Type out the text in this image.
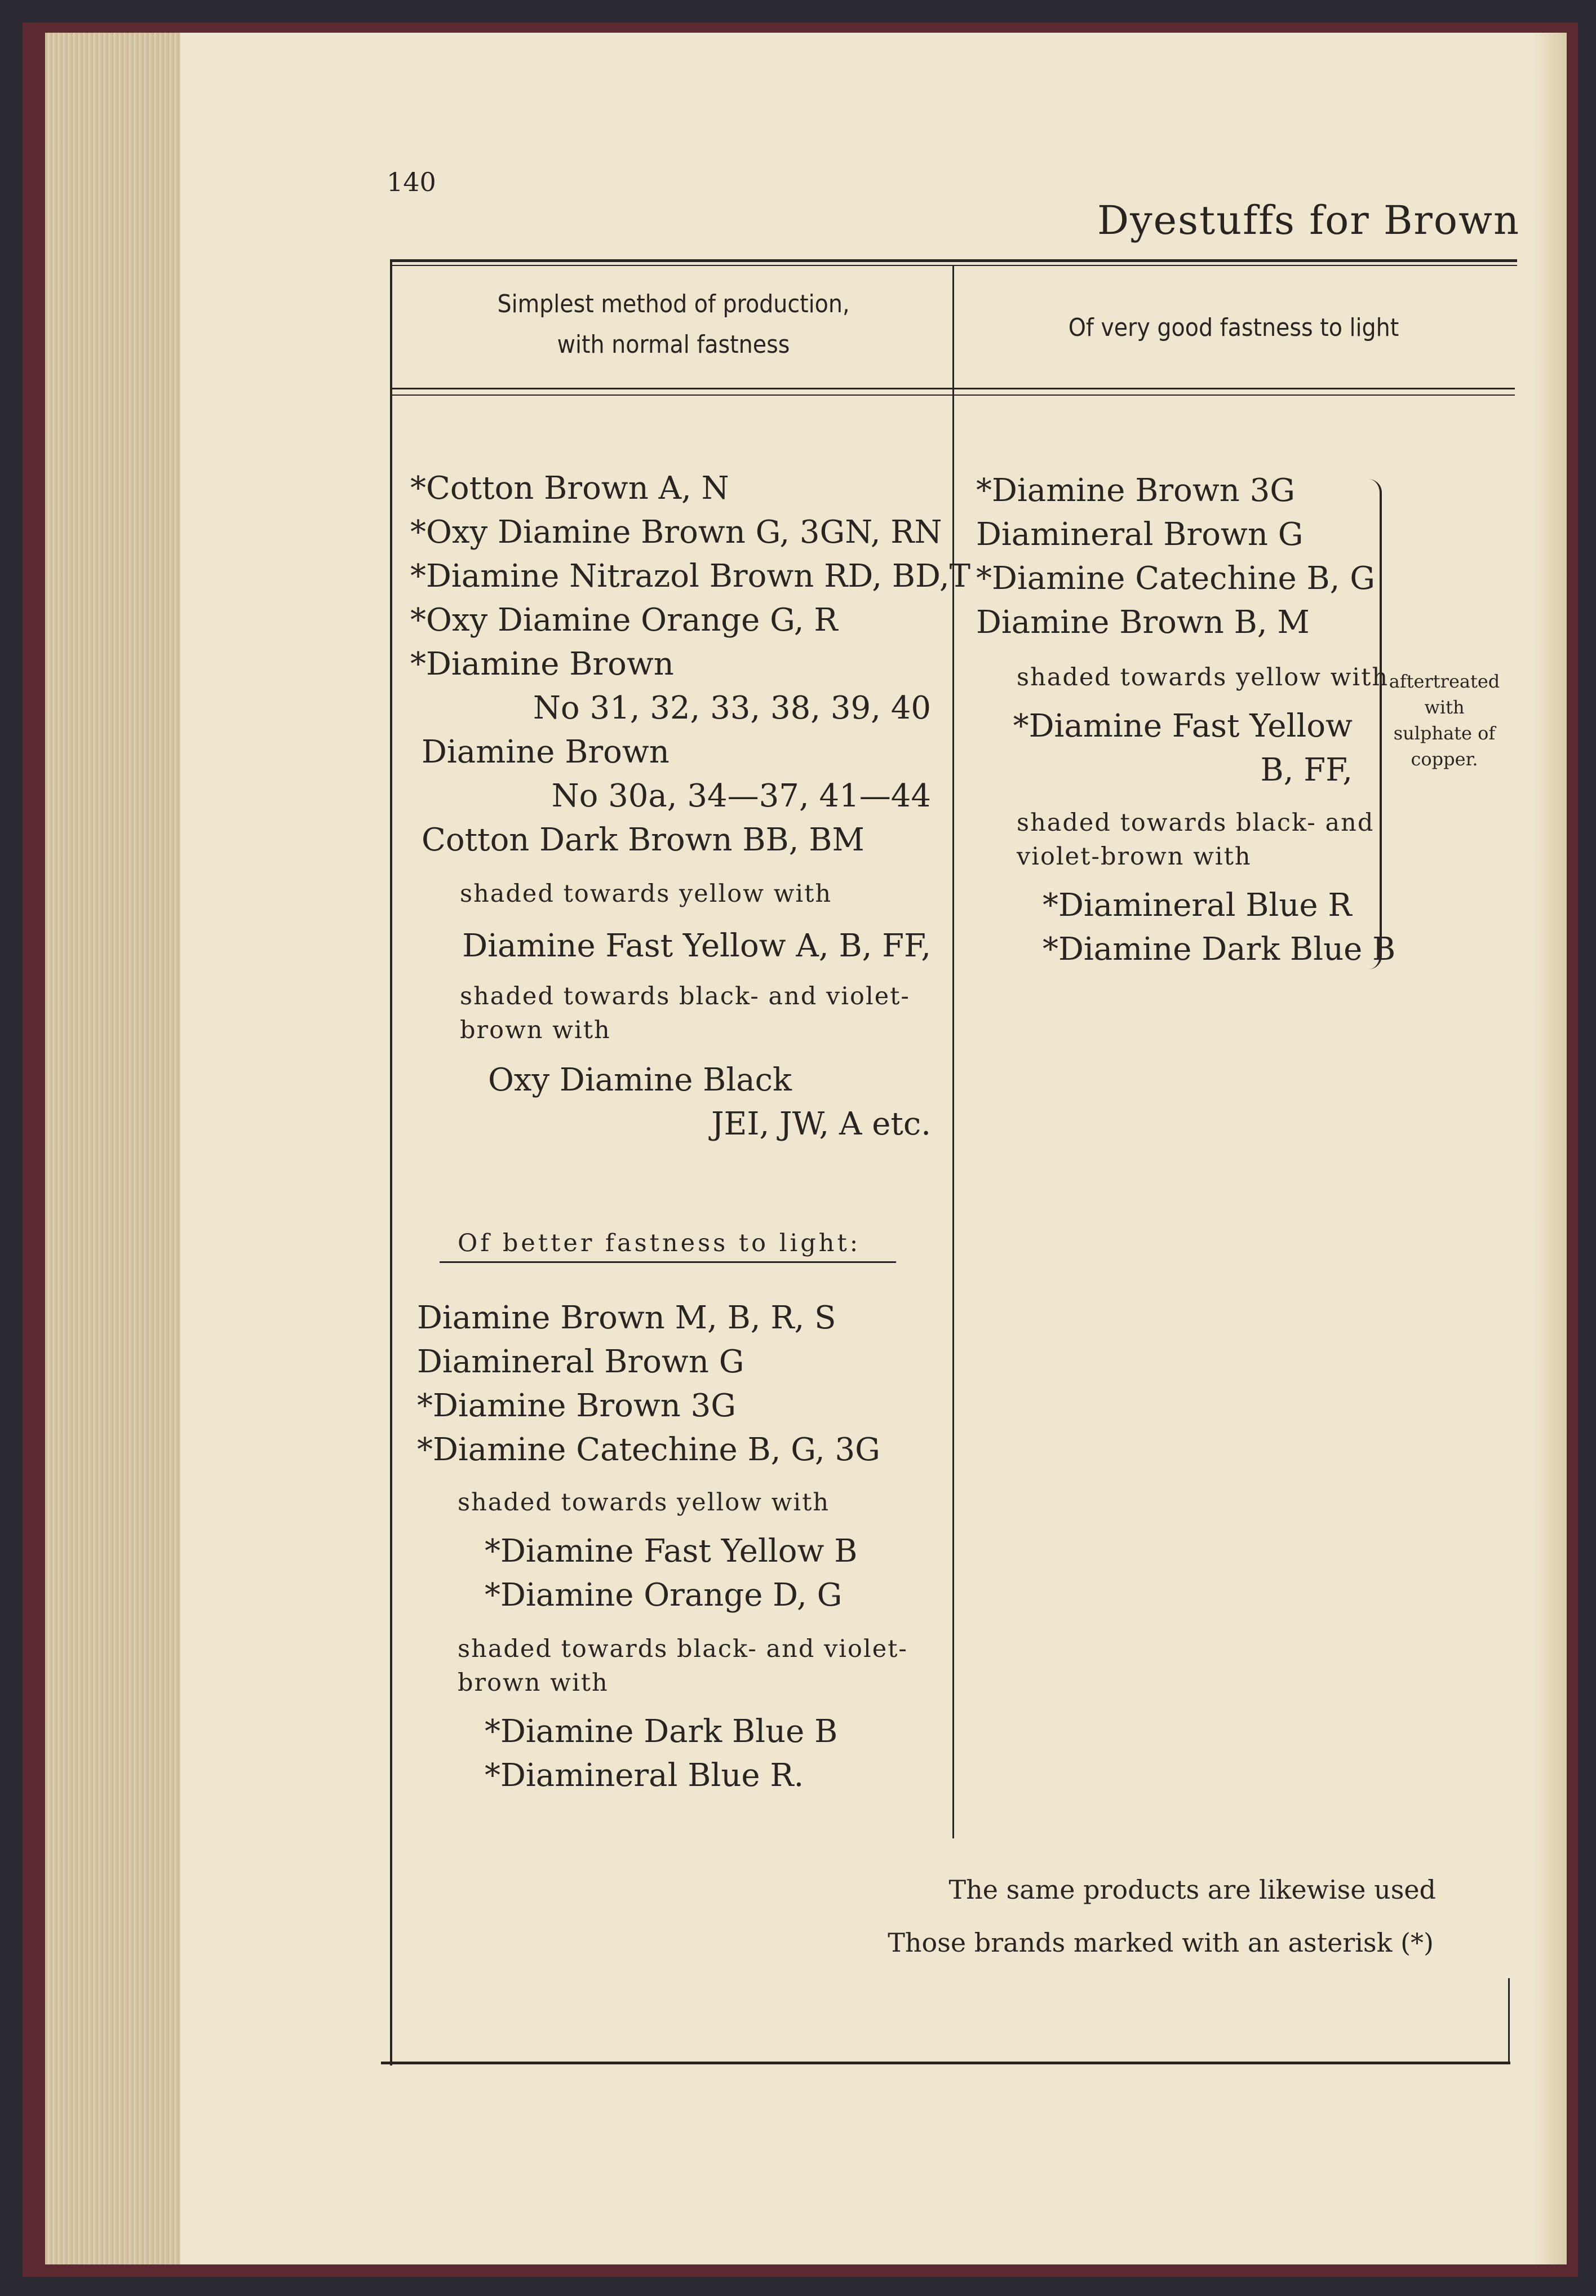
140
Dyestuffs for Brown
Simplest method of production,
with normal fastness
Of very good fastness to light
*Cotton Brown A, N
*Oxy Diamine Brown G, 3GN, RN
*Diamine Nitrazol Brown RD, BD,T
*Oxy Diamine Orange G, R
*Diamine Brown
No 31, 32, 33, 38, 39, 40
Diamine Brown
No 30a, 34—37, 41—44
Cotton Dark Brown BB, BM
shaded towards yellow with
Diamine Fast Yellow A, B, FF,
shaded towards black- and violet-
brown with
Oxy Diamine Black
JEI, JW, A etc.
Of better fastness to light:
Diamine Brown M, B, R, S
Diamineral Brown G
*Diamine Brown 3G
*Diamine Catechine B, G, 3G
shaded towards yellow with
*Diamine Fast Yellow B
*Diamine Orange D, G
shaded towards black- and violet-
brown with
*Diamine Dark Blue B
*Diamineral Blue R.
*Diamine Brown 3G
Diamineral Brown G
*Diamine Catechine B, G
Diamine Brown B, M
shaded towards yellow with
*Diamine Fast Yellow
B, FF,
shaded towards black- and
violet-brown with
*Diamineral Blue R
*Diamine Dark Blue B
aftertreated
with
sulphate of
copper.
The same products are likewise used
Those brands marked with an asterisk (*)
